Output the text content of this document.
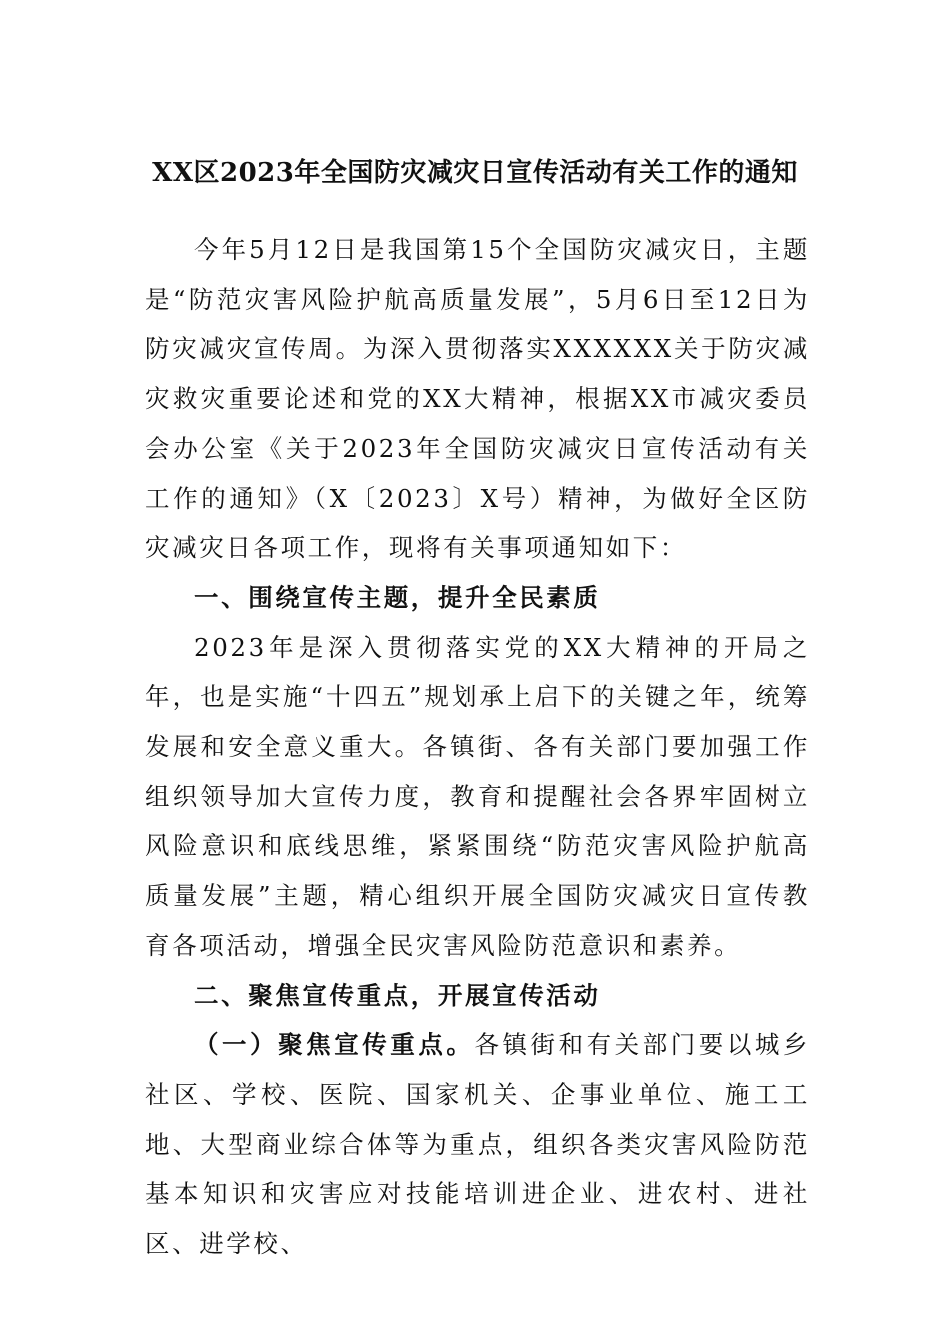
XX区2023年全国防灾减灾日宣传活动有关工作的通知

今年5月12日是我国第15个全国防灾减灾日，主题是“防范灾害风险护航高质量发展”，5月6日至12日为防灾减灾宣传周。为深入贯彻落实XXXXXX关于防灾减灾救灾重要论述和党的XX大精神，根据XX市减灾委员会办公室《关于2023年全国防灾减灾日宣传活动有关工作的通知》（X〔2023〕X号）精神，为做好全区防灾减灾日各项工作，现将有关事项通知如下：

一、围绕宣传主题，提升全民素质

2023年是深入贯彻落实党的XX大精神的开局之年，也是实施“十四五”规划承上启下的关键之年，统筹发展和安全意义重大。各镇街、各有关部门要加强工作组织领导加大宣传力度，教育和提醒社会各界牢固树立风险意识和底线思维，紧紧围绕“防范灾害风险护航高质量发展”主题，精心组织开展全国防灾减灾日宣传教育各项活动，增强全民灾害风险防范意识和素养。

二、聚焦宣传重点，开展宣传活动

（一）聚焦宣传重点。各镇街和有关部门要以城乡社区、学校、医院、国家机关、企事业单位、施工工地、大型商业综合体等为重点，组织各类灾害风险防范基本知识和灾害应对技能培训进企业、进农村、进社区、进学校、
